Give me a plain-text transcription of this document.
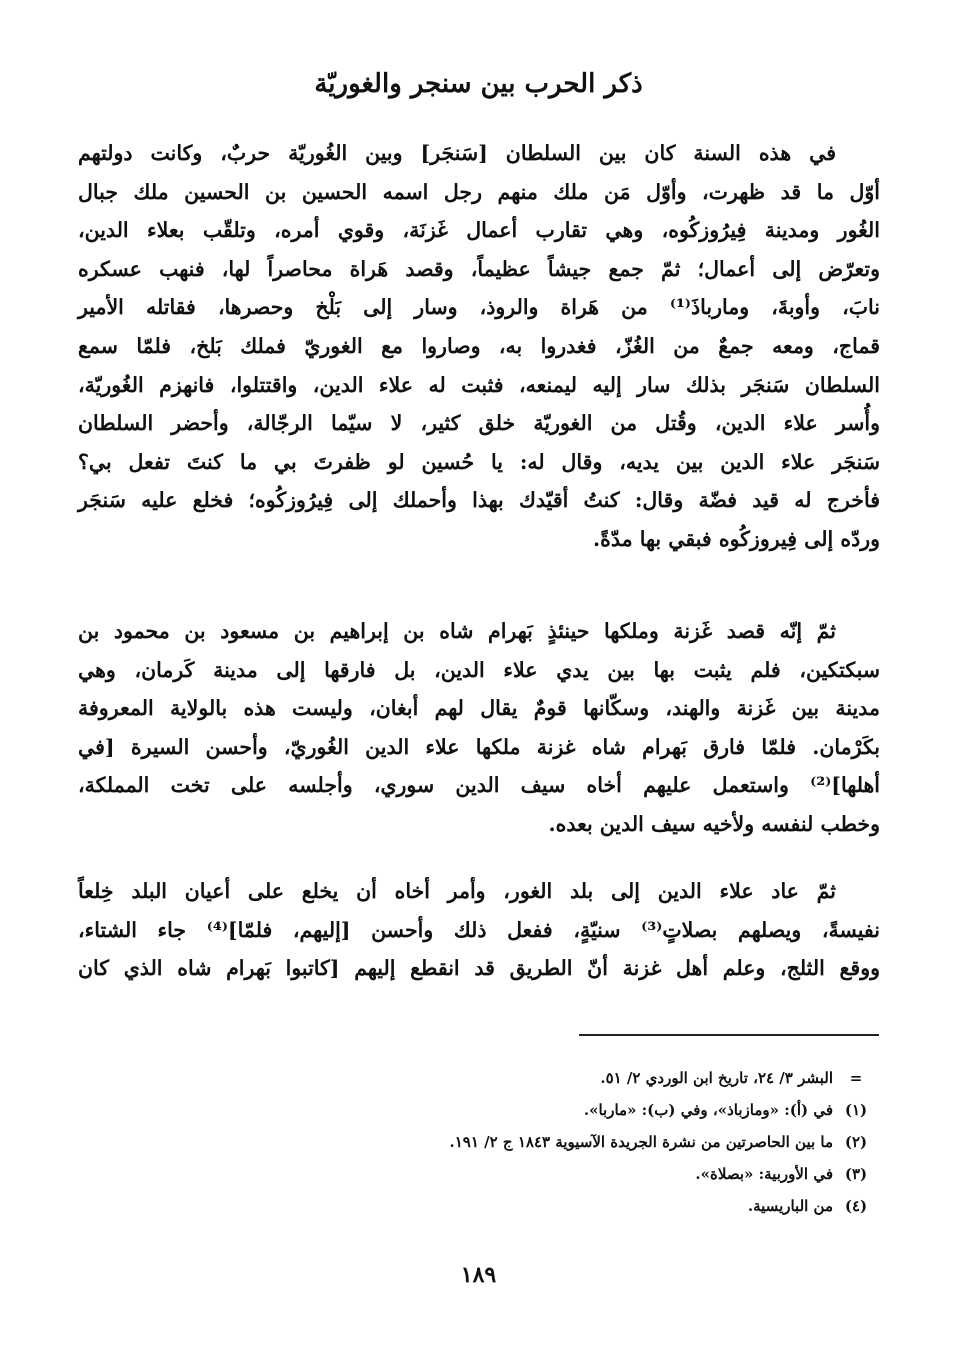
ذكر الحرب بين سنجر والغوريّة
في هذه السنة كان بين السلطان [سَنجَر] وبين الغُوريّة حربٌ، وكانت دولتهم
أوّل ما قد ظهرت، وأوّل مَن ملك منهم رجل اسمه الحسين بن الحسين ملك جبال
الغُور ومدينة فِيرُوزكُوه، وهي تقارب أعمال غَزنَة، وقوي أمره، وتلقّب بعلاء الدين،
وتعرّض إلى أعمال؛ ثمّ جمع جيشاً عظيماً، وقصد هَراة محاصراً لها، فنهب عسكره
نابَ، وأوبةَ، ومارباذَ⁽¹⁾ من هَراة والروذ، وسار إلى بَلْخ وحصرها، فقاتله الأمير
قماج، ومعه جمعٌ من الغُزّ، فغدروا به، وصاروا مع الغوريّ فملك بَلخ، فلمّا سمع
السلطان سَنجَر بذلك سار إليه ليمنعه، فثبت له علاء الدين، واقتتلوا، فانهزم الغُوريّة،
وأُسر علاء الدين، وقُتل من الغوريّة خلق كثير، لا سيّما الرجّالة، وأحضر السلطان
سَنجَر علاء الدين بين يديه، وقال له: يا حُسين لو ظفرتَ بي ما كنتَ تفعل بي؟
فأخرج له قيد فضّة وقال: كنتُ أقيّدك بهذا وأحملك إلى فِيرُوزكُوه؛ فخلع عليه سَنجَر
وردّه إلى فِيروزكُوه فبقي بها مدّةً.
ثمّ إنّه قصد غَزنة وملكها حينئذٍ بَهرام شاه بن إبراهيم بن مسعود بن محمود بن
سبكتكين، فلم يثبت بها بين يدي علاء الدين، بل فارقها إلى مدينة كَرمان، وهي
مدينة بين غَزنة والهند، وسكّانها قومٌ يقال لهم أبغان، وليست هذه بالولاية المعروفة
بكَرْمان. فلمّا فارق بَهرام شاه غزنة ملكها علاء الدين الغُوريّ، وأحسن السيرة [في
أهلها]⁽²⁾ واستعمل عليهم أخاه سيف الدين سوري، وأجلسه على تخت المملكة،
وخطب لنفسه ولأخيه سيف الدين بعده.
ثمّ عاد علاء الدين إلى بلد الغور، وأمر أخاه أن يخلع على أعيان البلد خِلعاً
نفيسةً، ويصلهم بصلاتٍ⁽³⁾ سنيّةٍ، ففعل ذلك وأحسن [إليهم، فلمّا]⁽⁴⁾ جاء الشتاء،
ووقع الثلج، وعلم أهل غزنة أنّ الطريق قد انقطع إليهم [كاتبوا بَهرام شاه الذي كان
=
البشر ٣/ ٢٤، تاريخ ابن الوردي ٢/ ٥١.
(١)
في (أ): «ومازباذ»، وفي (ب): «ماربا».
(٢)
ما بين الحاصرتين من نشرة الجريدة الآسيوية ١٨٤٣ ج ٢/ ١٩١.
(٣)
في الأوربية: «بصلاة».
(٤)
من الباريسية.
١٨٩
